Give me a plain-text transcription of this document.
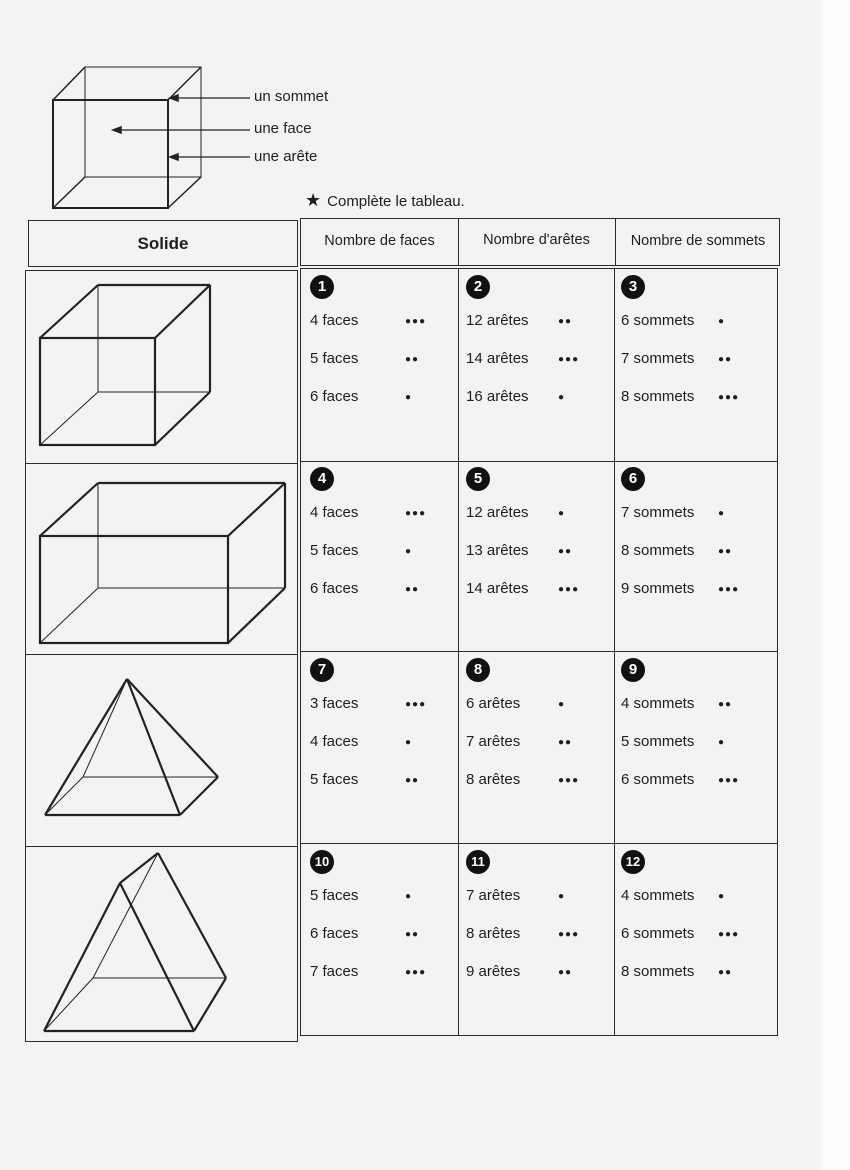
un sommet
une face
une arête
★ Complète le tableau.
Solide	Nombre de faces	Nombre d'arêtes	Nombre de sommets
1
4 faces	●●●
5 faces	●●
6 faces	●
2
12 arêtes	●●
14 arêtes	●●●
16 arêtes	●
3
6 sommets ●
7 sommets ●●
8 sommets ●●●
4
4 faces	●●●
5 faces	●
6 faces	●●
5
12 arêtes	●
13 arêtes	●●
14 arêtes	●●●
6
7 sommets ●
8 sommets ●●
9 sommets ●●●
7
3 faces	●●●
4 faces	●
5 faces	●●
8
6 arêtes	●
7 arêtes	●●
8 arêtes	●●●
9
4 sommets ●●
5 sommets ●
6 sommets ●●●
10
5 faces	●
6 faces	●●
7 faces	●●●
11
7 arêtes	●
8 arêtes	●●●
9 arêtes	●●
12
4 sommets ●
6 sommets ●●●
8 sommets ●●
